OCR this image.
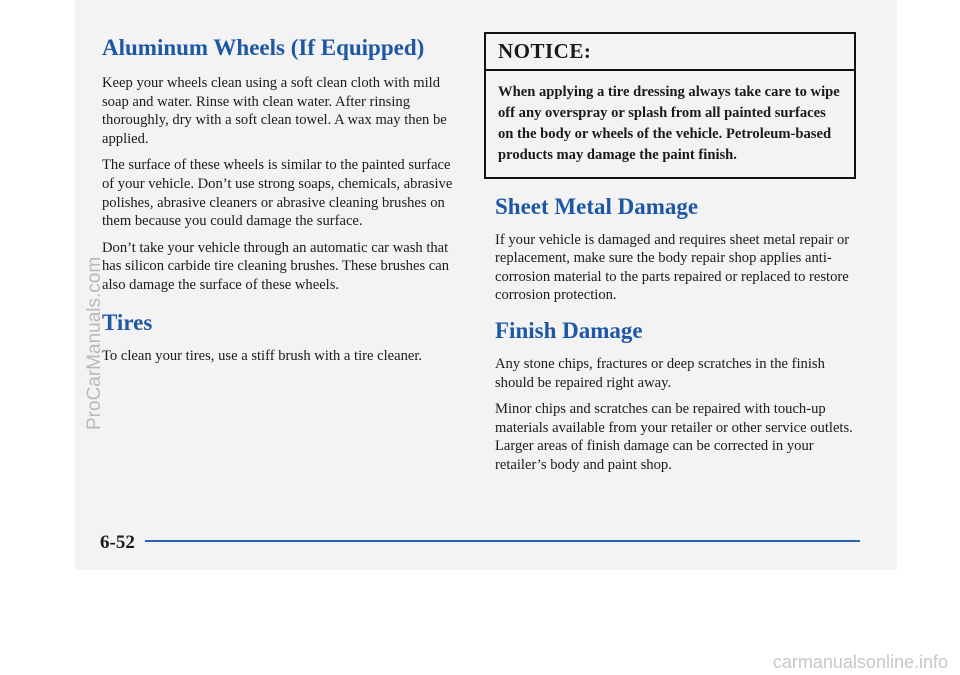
Aluminum Wheels (If Equipped)

Keep your wheels clean using a soft clean cloth with mild soap and water. Rinse with clean water. After rinsing thoroughly, dry with a soft clean towel. A wax may then be applied.

The surface of these wheels is similar to the painted surface of your vehicle. Don’t use strong soaps, chemicals, abrasive polishes, abrasive cleaners or abrasive cleaning brushes on them because you could damage the surface.

Don’t take your vehicle through an automatic car wash that has silicon carbide tire cleaning brushes. These brushes can also damage the surface of these wheels.

Tires

To clean your tires, use a stiff brush with a tire cleaner.

NOTICE:
When applying a tire dressing always take care to wipe off any overspray or splash from all painted surfaces on the body or wheels of the vehicle. Petroleum-based products may damage the paint finish.
Sheet Metal Damage

If your vehicle is damaged and requires sheet metal repair or replacement, make sure the body repair shop applies anti-corrosion material to the parts repaired or replaced to restore corrosion protection.

Finish Damage

Any stone chips, fractures or deep scratches in the finish should be repaired right away.

Minor chips and scratches can be repaired with touch-up materials available from your retailer or other service outlets. Larger areas of finish damage can be corrected in your retailer’s body and paint shop.

6-52
ProCarManuals.com
carmanualsonline.info
